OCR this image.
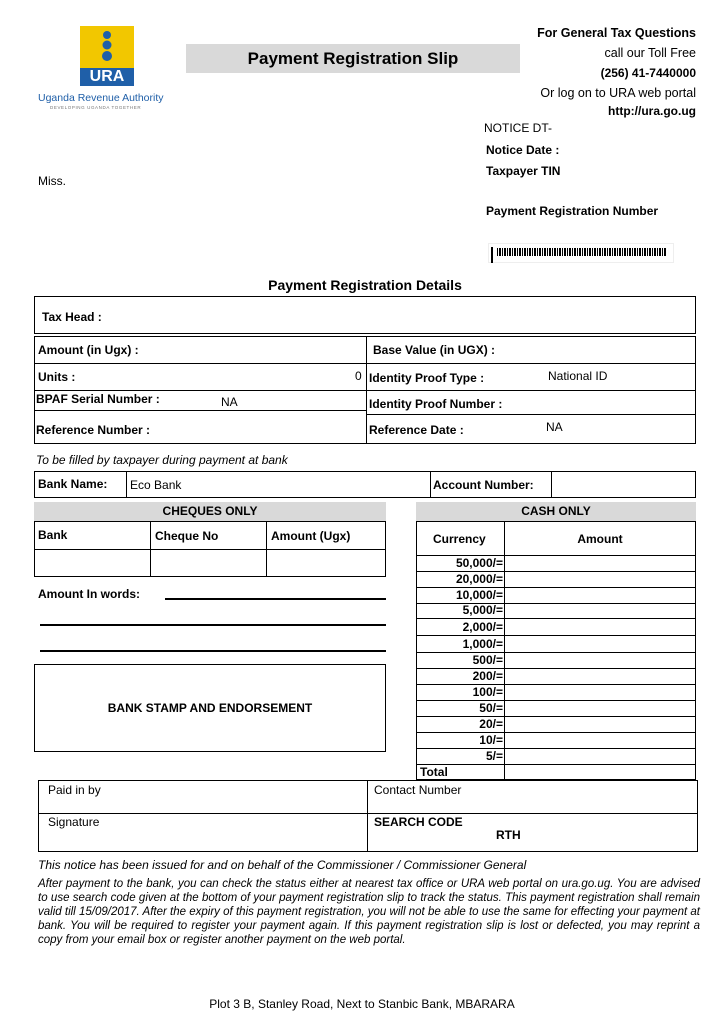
URA
Uganda Revenue Authority
DEVELOPING UGANDA TOGETHER
Payment Registration Slip
For General Tax Questions
call our Toll Free
(256) 41-7440000
Or log on to URA web portal
http://ura.go.ug
NOTICE DT-
Notice Date :
Taxpayer TIN
Payment Registration Number
Miss.
Payment Registration Details
Tax Head :
Amount (in Ugx) :	Base Value (in UGX) :
Units :	0 Identity Proof Type :	National ID
BPAF Serial Number :	NA	Identity Proof Number :
Reference Number :	Reference Date :	NA
To be filled by taxpayer during payment at bank
Bank Name: Eco Bank	Account Number:
CHEQUES ONLY
Bank	Cheque No	Amount (Ugx)
Amount In words:
BANK STAMP AND ENDORSEMENT
CASH ONLY
Currency	Amount
50,000/=
20,000/=
10,000/=
5,000/=
2,000/=
1,000/=
500/=
200/=
100/=
50/=
20/=
10/=
5/=
Total
Paid in by	Contact Number
Signature	SEARCH CODE
RTH
This notice has been issued for and on behalf of the Commissioner / Commissioner General
After payment to the bank, you can check the status either at nearest tax office or URA web portal on ura.go.ug. You are advised to use search code given at the bottom of your payment registration slip to track the status. This payment registration shall remain valid till 15/09/2017. After the expiry of this payment registration, you will not be able to use the same for effecting your payment at bank. You will be required to register your payment again. If this payment registration slip is lost or defected, you may reprint a copy from your email box or register another payment on the web portal.
Plot 3 B, Stanley Road, Next to Stanbic Bank, MBARARA
